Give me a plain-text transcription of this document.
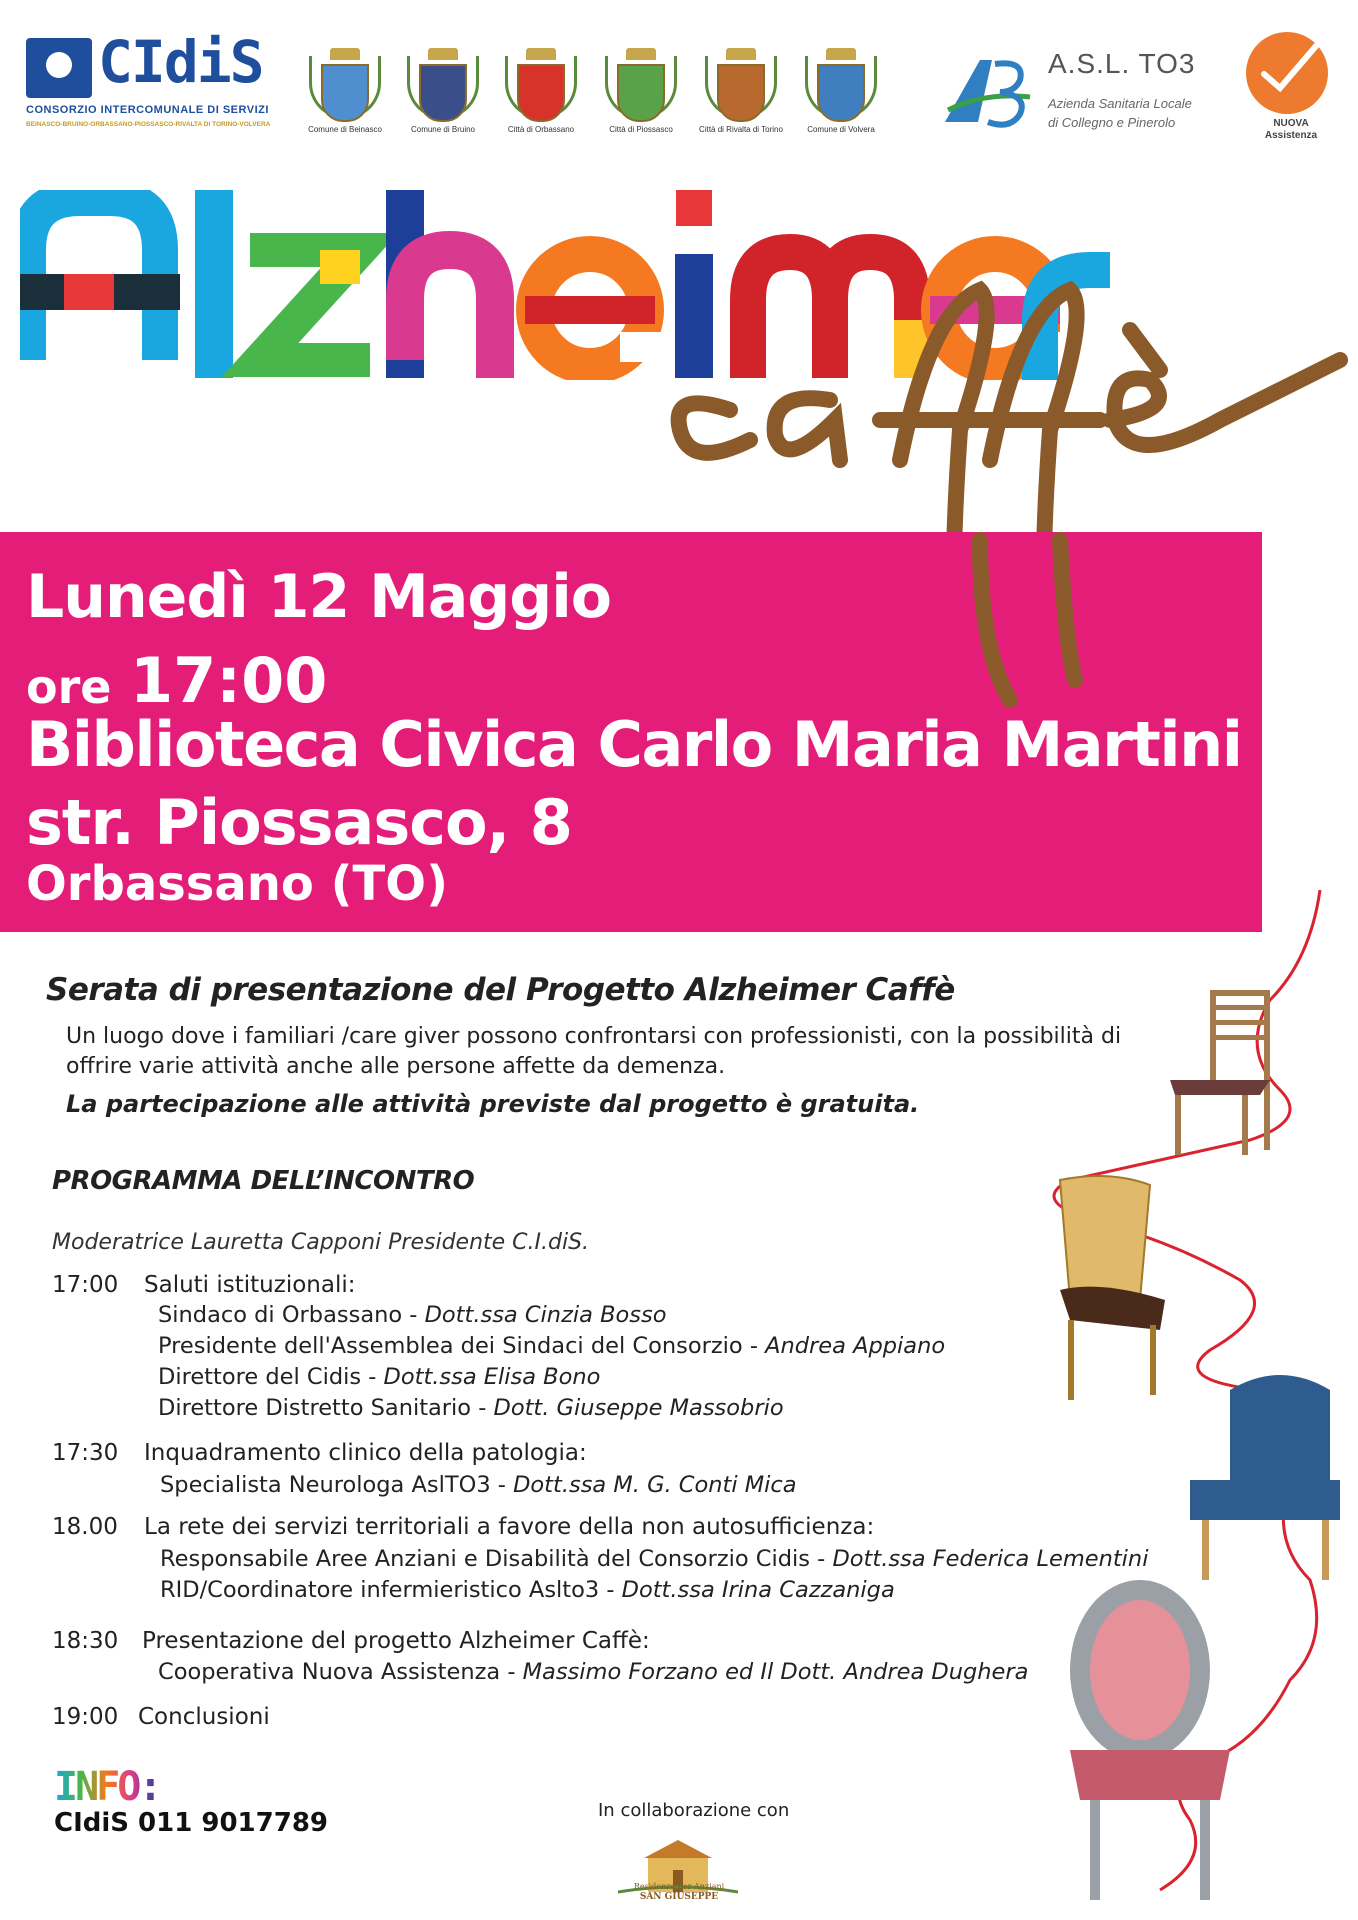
CIdiS
CONSORZIO INTERCOMUNALE DI SERVIZI
BEINASCO-BRUINO-ORBASSANO-PIOSSASCO-RIVALTA DI TORINO-VOLVERA
Comune di Beinasco	Comune di Bruino	Città di Orbassano	Città di Piossasco	Città di Rivalta di Torino	Comune di Volvera
A.S.L. TO3
Azienda Sanitaria Locale
di Collegno e Pinerolo	NUOVA
Assistenza
caffè
Lunedì 12 Maggio
ore 17:00
Biblioteca Civica Carlo Maria Martini
str. Piossasco, 8
Orbassano (TO)
Serata di presentazione del Progetto Alzheimer Caffè
Un luogo dove i familiari /care giver possono confrontarsi con professionisti, con la possibilità di offrire varie attività anche alle persone affette da demenza.
La partecipazione alle attività previste dal progetto è gratuita.
PROGRAMMA DELL’INCONTRO
Moderatrice Lauretta Capponi Presidente C.I.diS.
17:00	Saluti istituzionali:
Sindaco di Orbassano - Dott.ssa Cinzia Bosso
Presidente dell'Assemblea dei Sindaci del Consorzio - Andrea Appiano
Direttore del Cidis - Dott.ssa Elisa Bono
Direttore Distretto Sanitario - Dott. Giuseppe Massobrio
17:30	Inquadramento clinico della patologia:
Specialista Neurologa AslTO3 - Dott.ssa M. G. Conti Mica
18.00	La rete dei servizi territoriali a favore della non autosufficienza:
Responsabile Aree Anziani e Disabilità del Consorzio Cidis - Dott.ssa Federica Lementini
RID/Coordinatore infermieristico Aslto3 - Dott.ssa Irina Cazzaniga
18:30	Presentazione del progetto Alzheimer Caffè:
Cooperativa Nuova Assistenza - Massimo Forzano ed Il Dott. Andrea Dughera
19:00 Conclusioni
INFO:
CIdiS 011 9017789	In collaborazione con
Residenza per Anziani
SAN GIUSEPPE
